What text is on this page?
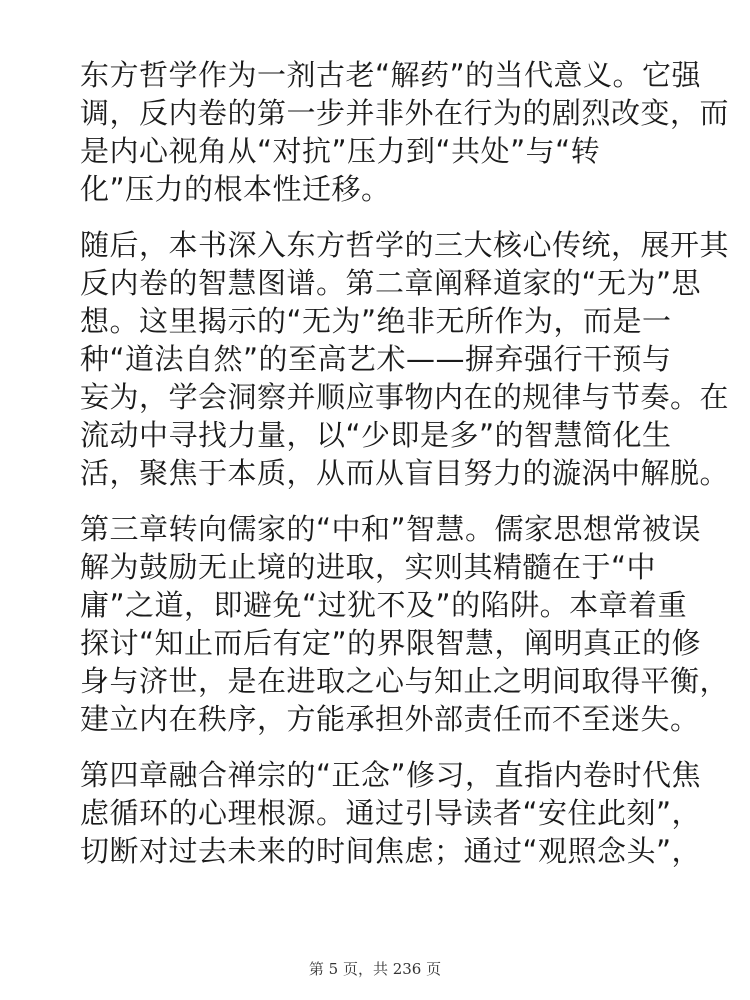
东方哲学作为一剂古老“解药”的当代意义。它强
调，反内卷的第一步并非外在行为的剧烈改变，而
是内心视角从“对抗”压力到“共处”与“转
化”压力的根本性迁移。
随后，本书深入东方哲学的三大核心传统，展开其
反内卷的智慧图谱。第二章阐释道家的“无为”思
想。这里揭示的“无为”绝非无所作为，而是一
种“道法自然”的至高艺术——摒弃强行干预与
妄为，学会洞察并顺应事物内在的规律与节奏。在
流动中寻找力量，以“少即是多”的智慧简化生
活，聚焦于本质，从而从盲目努力的漩涡中解脱。
第三章转向儒家的“中和”智慧。儒家思想常被误
解为鼓励无止境的进取，实则其精髓在于“中
庸”之道，即避免“过犹不及”的陷阱。本章着重
探讨“知止而后有定”的界限智慧，阐明真正的修
身与济世，是在进取之心与知止之明间取得平衡，
建立内在秩序，方能承担外部责任而不至迷失。
第四章融合禅宗的“正念”修习，直指内卷时代焦
虑循环的心理根源。通过引导读者“安住此刻”，
切断对过去未来的时间焦虑；通过“观照念头”，
第 5 页，共 236 页
